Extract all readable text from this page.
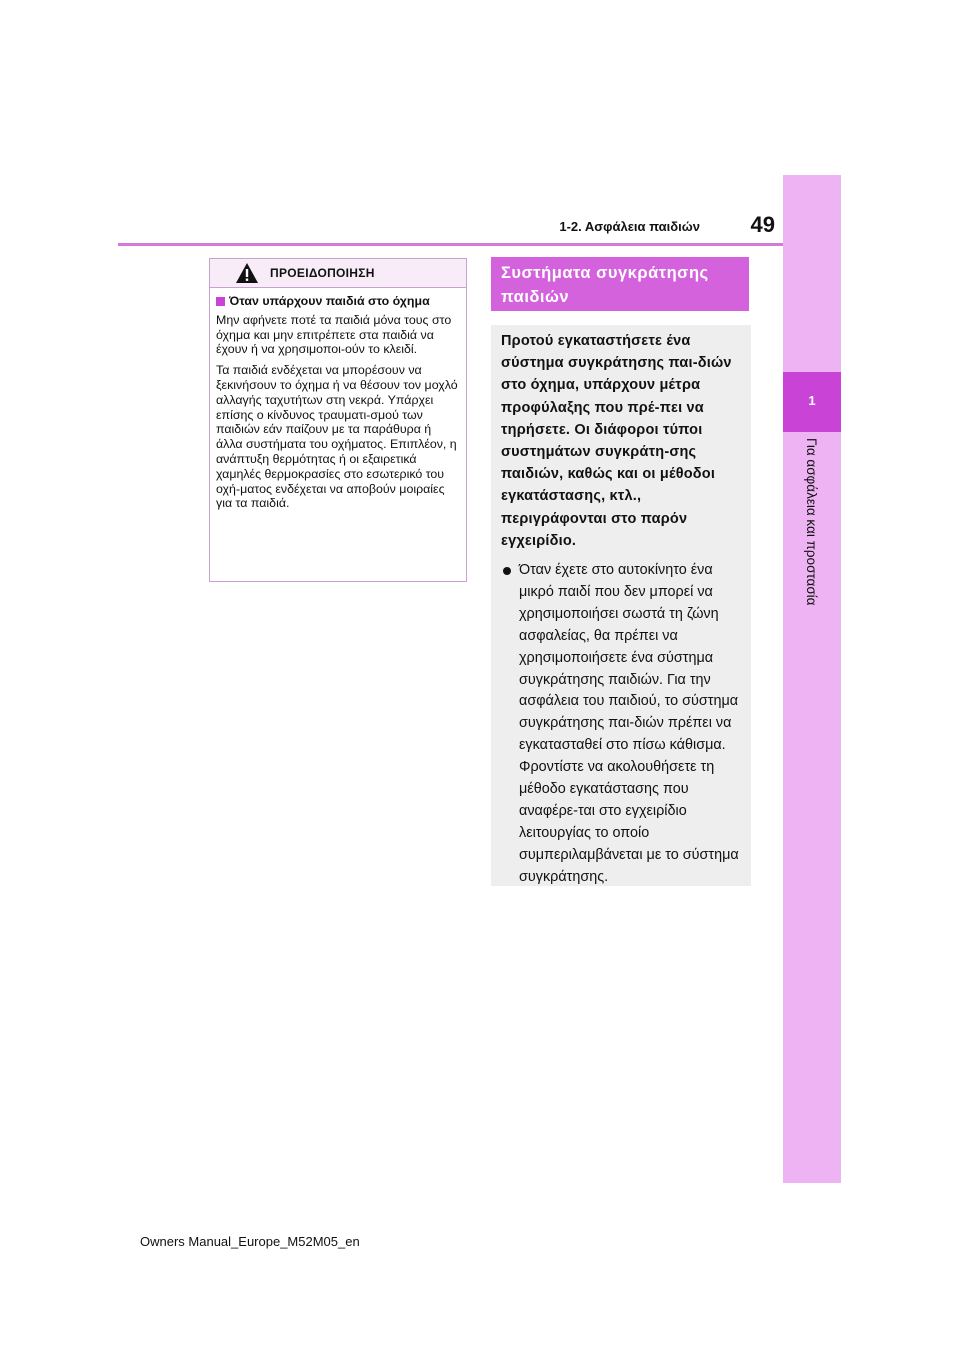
1
Για ασφάλεια και προστασία
1-2. Ασφάλεια παιδιών	49
ΠΡΟΕΙΔΟΠΟΙΗΣΗ
Όταν υπάρχουν παιδιά στο όχημα

Μην αφήνετε ποτέ τα παιδιά μόνα τους στο όχημα και μην επιτρέπετε στα παιδιά να έχουν ή να χρησιμοποι-ούν το κλειδί.

Τα παιδιά ενδέχεται να μπορέσουν να ξεκινήσουν το όχημα ή να θέσουν τον μοχλό αλλαγής ταχυτήτων στη νεκρά. Υπάρχει επίσης ο κίνδυνος τραυματι-σμού των παιδιών εάν παίζουν με τα παράθυρα ή άλλα συστήματα του οχήματος. Επιπλέον, η ανάπτυξη θερμότητας ή οι εξαιρετικά χαμηλές θερμοκρασίες στο εσωτερικό του οχή-ματος ενδέχεται να αποβούν μοιραίες για τα παιδιά.

Συστήματα συγκράτησης παιδιών

Προτού εγκαταστήσετε ένα σύστημα συγκράτησης παι-διών στο όχημα, υπάρχουν μέτρα προφύλαξης που πρέ-πει να τηρήσετε. Οι διάφοροι τύποι συστημάτων συγκράτη-σης παιδιών, καθώς και οι μέθοδοι εγκατάστασης, κτλ., περιγράφονται στο παρόν εγχειρίδιο.

Όταν έχετε στο αυτοκίνητο ένα μικρό παιδί που δεν μπορεί να χρησιμοποιήσει σωστά τη ζώνη ασφαλείας, θα πρέπει να χρησιμοποιήσετε ένα σύστημα συγκράτησης παιδιών. Για την ασφάλεια του παιδιού, το σύστημα συγκράτησης παι-διών πρέπει να εγκατασταθεί στο πίσω κάθισμα. Φροντίστε να ακολουθήσετε τη μέθοδο εγκατάστασης που αναφέρε-ται στο εγχειρίδιο λειτουργίας το οποίο συμπεριλαμβάνεται με το σύστημα συγκράτησης.
Owners Manual_Europe_M52M05_en
